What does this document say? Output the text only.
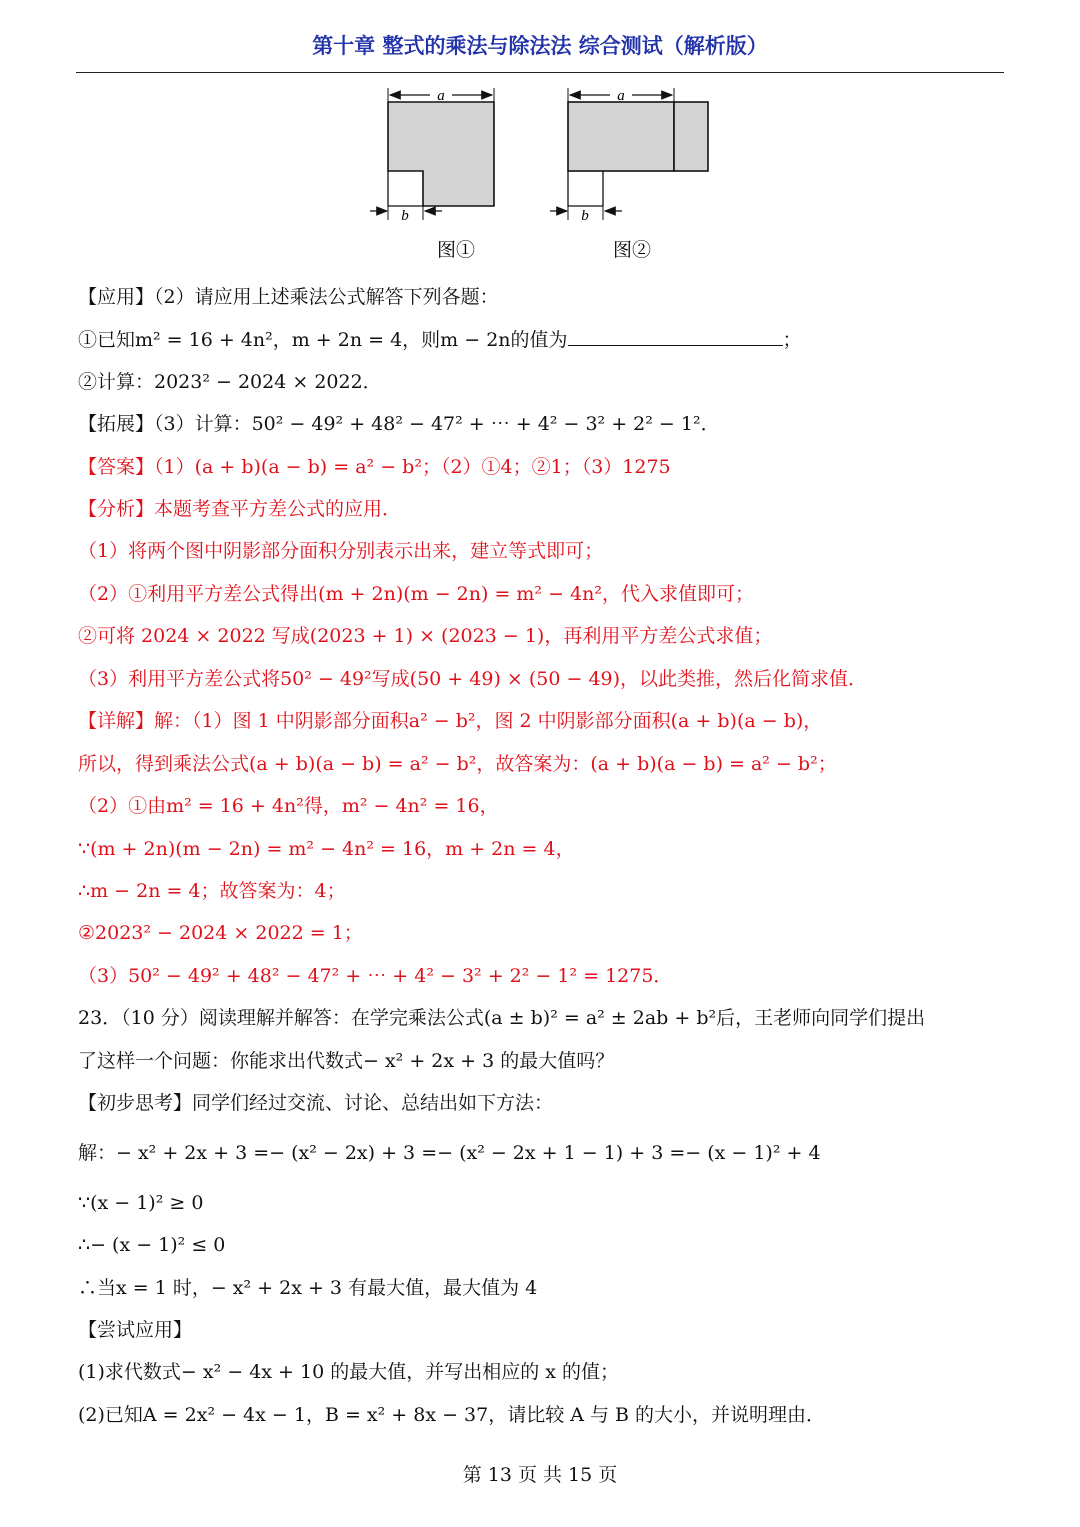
第十章 整式的乘法与除法法 综合测试（解析版）
a
b
图①
a
b
图②
【应用】（2）请应用上述乘法公式解答下列各题：
①已知m² = 16 + 4n²，m + 2n = 4，则m − 2n的值为	；
②计算：2023² − 2024 × 2022．
【拓展】（3）计算：50² − 49² + 48² − 47² + ⋯ + 4² − 3² + 2² − 1²．
【答案】（1）(a + b)(a − b) = a² − b²；（2）①4；②1；（3）1275
【分析】本题考查平方差公式的应用．
（1）将两个图中阴影部分面积分别表示出来，建立等式即可；
（2）①利用平方差公式得出(m + 2n)(m − 2n) = m² − 4n²，代入求值即可；
②可将 2024 × 2022 写成(2023 + 1) × (2023 − 1)，再利用平方差公式求值；
（3）利用平方差公式将50² − 49²写成(50 + 49) × (50 − 49)，以此类推，然后化简求值．
【详解】解：（1）图 1 中阴影部分面积a² − b²，图 2 中阴影部分面积(a + b)(a − b)，
所以，得到乘法公式(a + b)(a − b) = a² − b²，故答案为：(a + b)(a − b) = a² − b²；
（2）①由m² = 16 + 4n²得，m² − 4n² = 16，
∵(m + 2n)(m − 2n) = m² − 4n² = 16，m + 2n = 4，
∴m − 2n = 4；故答案为：4；
②2023² − 2024 × 2022 = 1；
（3）50² − 49² + 48² − 47² + ⋯ + 4² − 3² + 2² − 1² = 1275．
23．（10 分）阅读理解并解答：在学完乘法公式(a ± b)² = a² ± 2ab + b²后，王老师向同学们提出
了这样一个问题：你能求出代数式− x² + 2x + 3 的最大值吗？
【初步思考】同学们经过交流、讨论、总结出如下方法：
解：− x² + 2x + 3 =− (x² − 2x) + 3 =− (x² − 2x + 1 − 1) + 3 =− (x − 1)² + 4
∵(x − 1)² ≥ 0
∴− (x − 1)² ≤ 0
∴当x = 1 时，− x² + 2x + 3 有最大值，最大值为 4
【尝试应用】
(1)求代数式− x² − 4x + 10 的最大值，并写出相应的 x 的值；
(2)已知A = 2x² − 4x − 1，B = x² + 8x − 37，请比较 A 与 B 的大小，并说明理由．
第 13 页 共 15 页
